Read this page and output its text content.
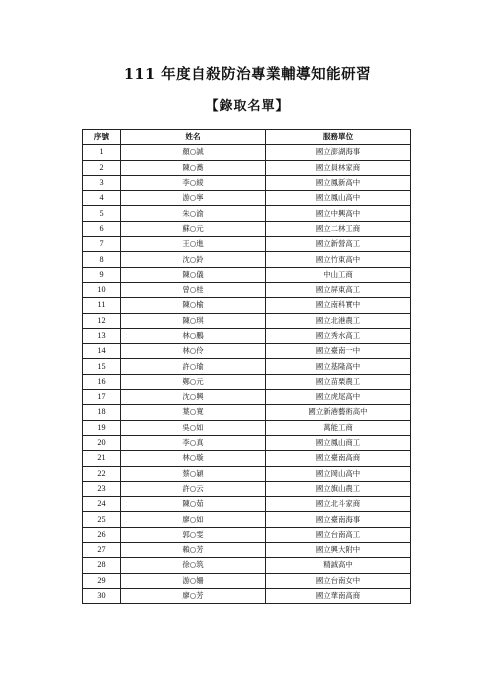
111 年度自殺防治專業輔導知能研習
【錄取名單】
序號	姓名	服務單位
1	顏○誠	國立澎湖海事
2	陳○蕎	國立員林家商
3	李○綾	國立鳳新高中
4	游○寧	國立鳳山高中
5	朱○渝	國立中興高中
6	蘇○元	國立二林工商
7	王○進	國立新營高工
8	沈○鈴	國立竹東高中
9	陳○儀	中山工商
10	曾○桂	國立屏東高工
11	陳○榆	國立南科實中
12	陳○琪	國立北港農工
13	林○鵬	國立秀水高工
14	林○伶	國立臺南一中
15	許○瑜	國立基隆高中
16	鄭○元	國立苗栗農工
17	沈○興	國立虎尾高中
18	葉○寬	國立新港藝術高中
19	吳○如	萬能工商
20	李○真	國立鳳山商工
21	林○璇	國立臺南高商
22	蔡○穎	國立岡山高中
23	許○云	國立旗山農工
24	陳○茹	國立北斗家商
25	廖○如	國立臺南海事
26	郭○雯	國立台南高工
27	賴○芳	國立興大附中
28	徐○筑	精誠高中
29	游○姍	國立台南女中
30	廖○芳	國立華南高商
